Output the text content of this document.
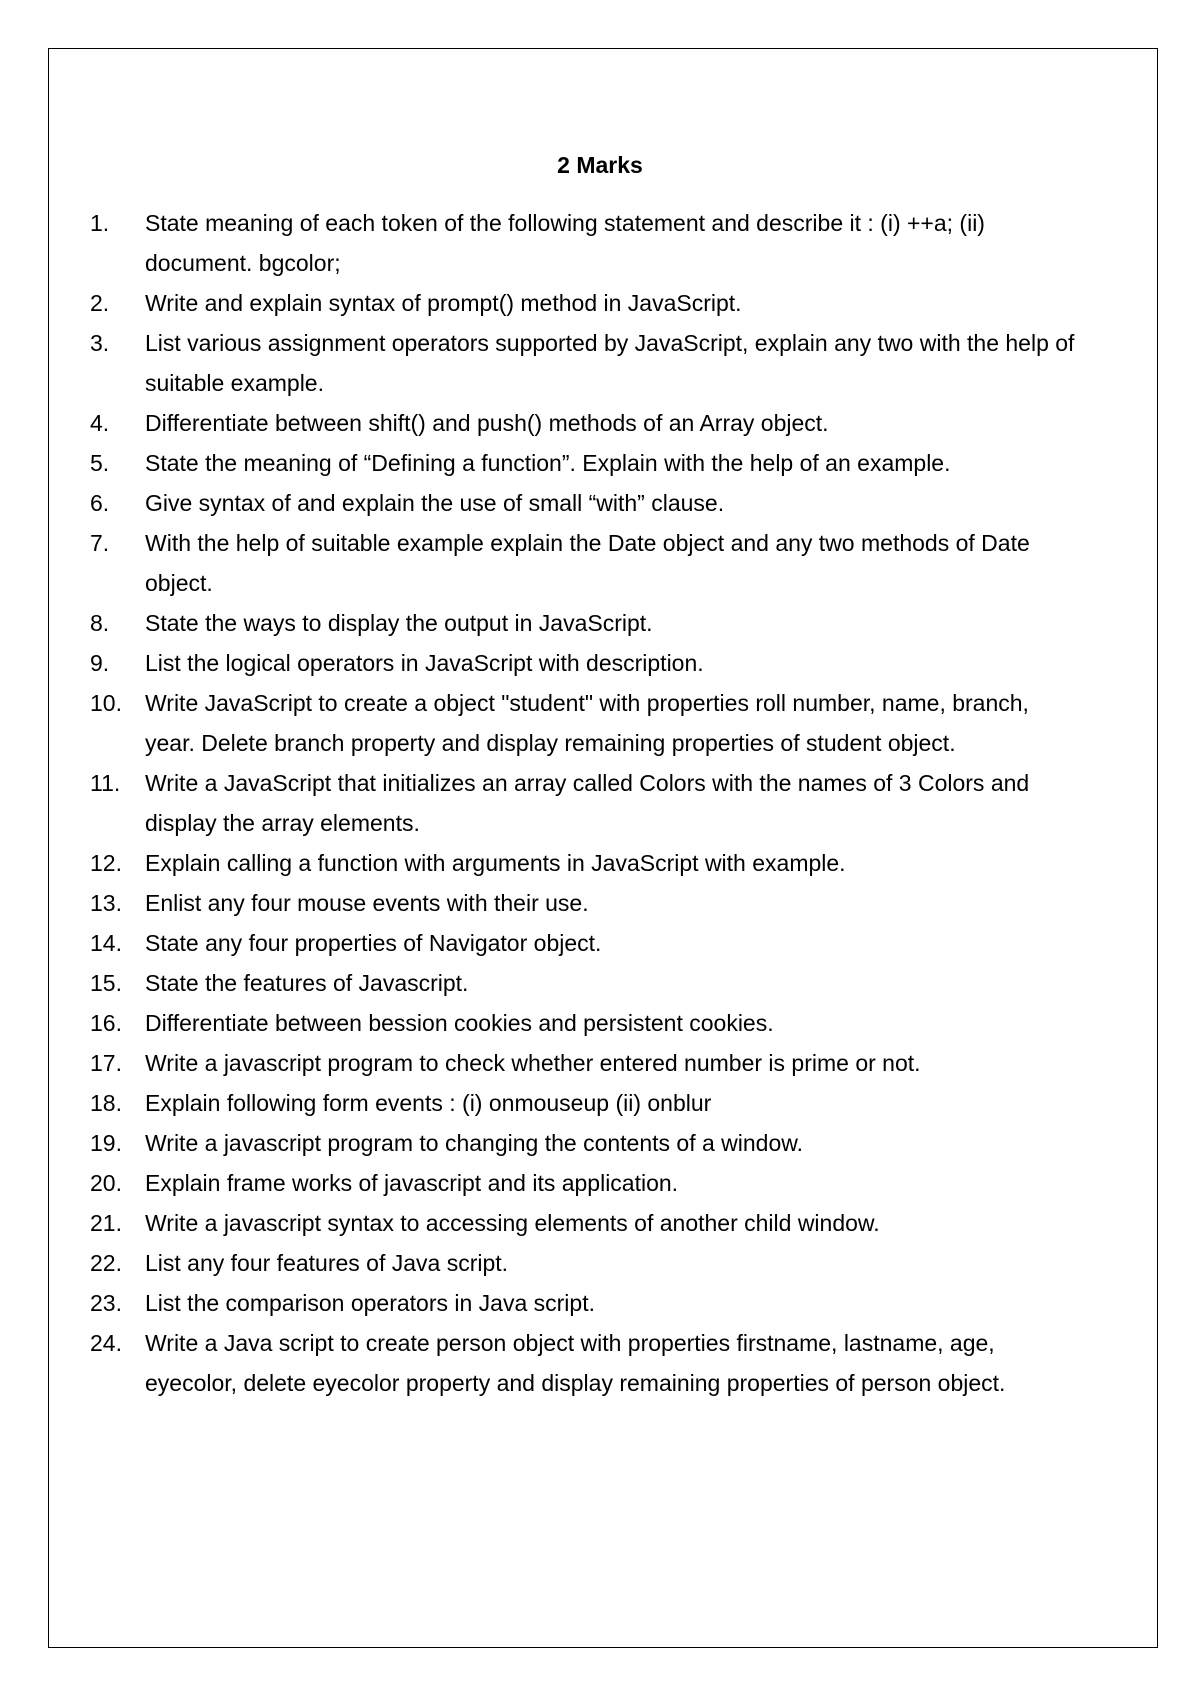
2 Marks
1.	State meaning of each token of the following statement and describe it : (i) ++a; (ii) document. bgcolor;
2.	Write and explain syntax of prompt() method in JavaScript.
3.	List various assignment operators supported by JavaScript, explain any two with the help of suitable example.
4.	Differentiate between shift() and push() methods of an Array object.
5.	State the meaning of “Defining a function”. Explain with the help of an example.
6.	Give syntax of and explain the use of small “with” clause.
7.	With the help of suitable example explain the Date object and any two methods of Date object.
8.	State the ways to display the output in JavaScript.
9.	List the logical operators in JavaScript with description.
10.	Write JavaScript to create a object "student" with properties roll number, name, branch, year. Delete branch property and display remaining properties of student object.
11.	Write a JavaScript that initializes an array called Colors with the names of 3 Colors and display the array elements.
12.	Explain calling a function with arguments in JavaScript with example.
13.	Enlist any four mouse events with their use.
14.	State any four properties of Navigator object.
15.	State the features of Javascript.
16.	Differentiate between bession cookies and persistent cookies.
17.	Write a javascript program to check whether entered number is prime or not.
18.	Explain following form events : (i) onmouseup (ii) onblur
19.	Write a javascript program to changing the contents of a window.
20.	Explain frame works of javascript and its application.
21.	Write a javascript syntax to accessing elements of another child window.
22.	List any four features of Java script.
23.	List the comparison operators in Java script.
24.	Write a Java script to create person object with properties firstname, lastname, age, eyecolor, delete eyecolor property and display remaining properties of person object.
